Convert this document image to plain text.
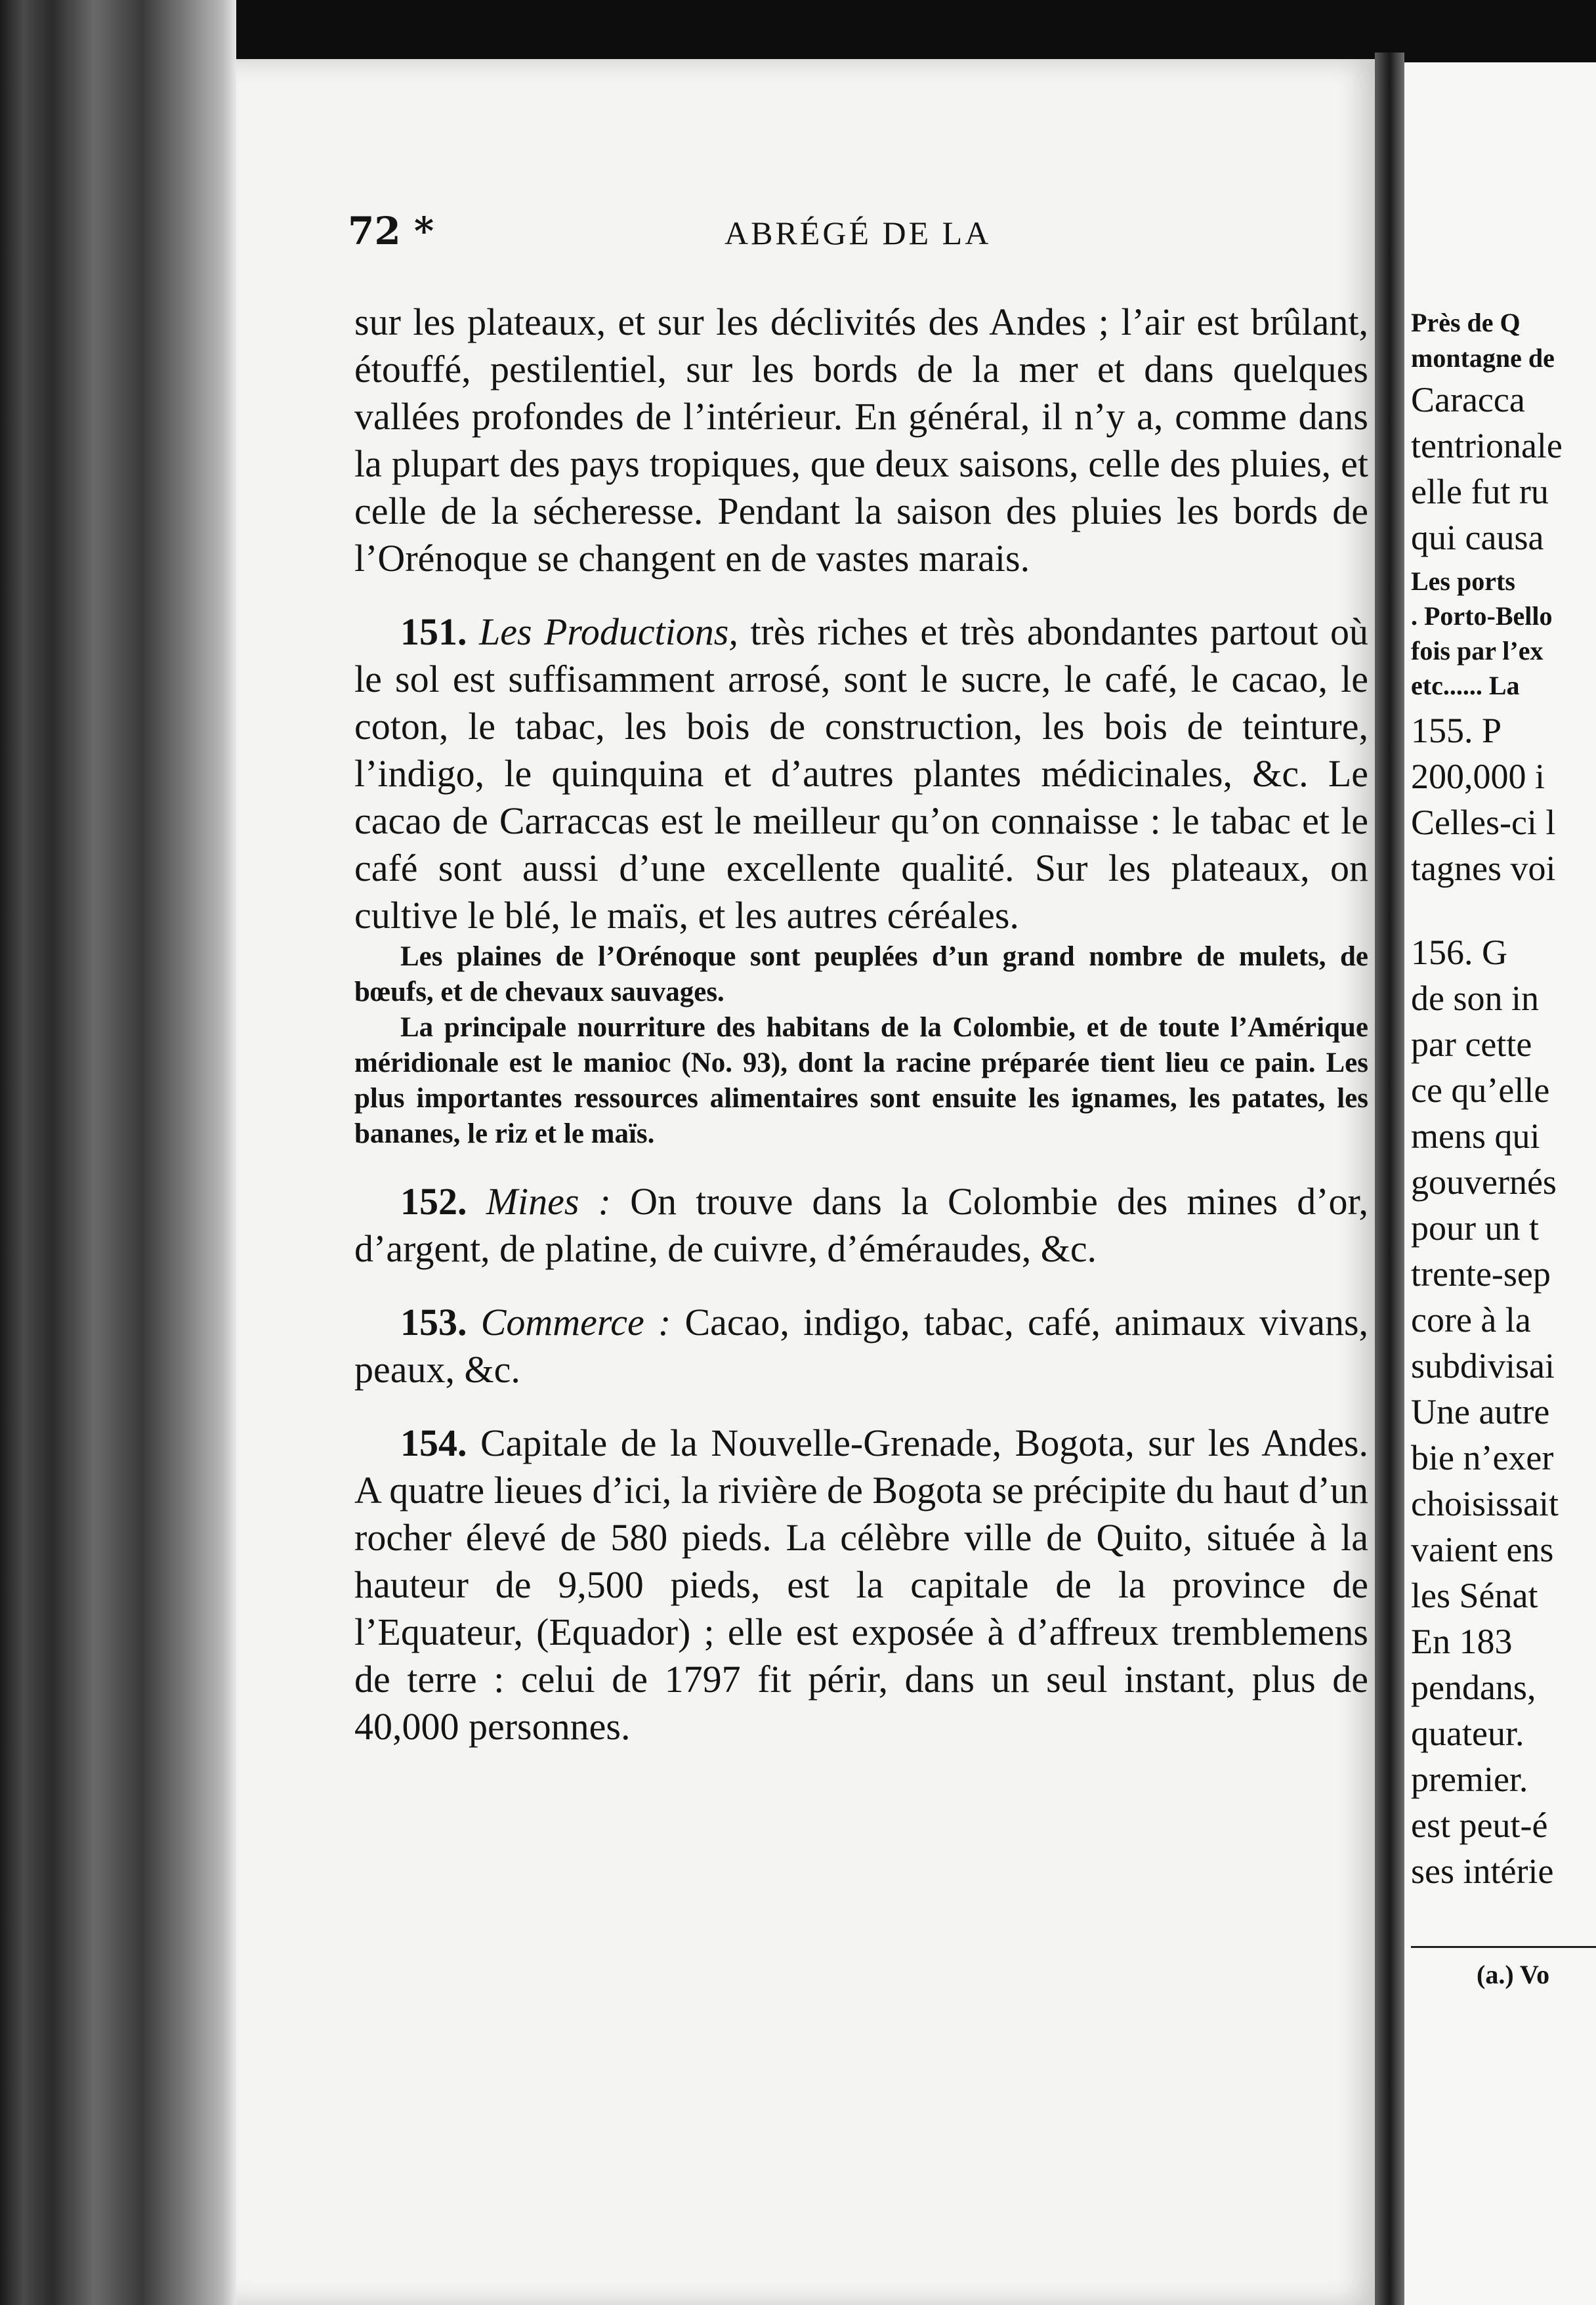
72 *	ABRÉGÉ DE LA

sur les plateaux, et sur les déclivités des Andes ; l’air est brûlant, étouffé, pestilentiel, sur les bords de la mer et dans quelques vallées profondes de l’intérieur. En général, il n’y a, comme dans la plupart des pays tropiques, que deux saisons, celle des pluies, et celle de la sécheresse. Pendant la saison des pluies les bords de l’Orénoque se changent en de vastes marais.

151. Les Productions, très riches et très abondantes partout où le sol est suffisamment arrosé, sont le sucre, le café, le cacao, le coton, le tabac, les bois de construction, les bois de teinture, l’indigo, le quinquina et d’autres plantes médicinales, &c. Le cacao de Carraccas est le meilleur qu’on connaisse : le tabac et le café sont aussi d’une excellente qualité. Sur les plateaux, on cultive le blé, le maïs, et les autres céréales.

Les plaines de l’Orénoque sont peuplées d’un grand nombre de mulets, de bœufs, et de chevaux sauvages.

La principale nourriture des habitans de la Colombie, et de toute l’Amérique méridionale est le manioc (No. 93), dont la racine préparée tient lieu ce pain. Les plus importantes ressources alimentaires sont ensuite les ignames, les patates, les bananes, le riz et le maïs.

152. Mines : On trouve dans la Colombie des mines d’or, d’argent, de platine, de cuivre, d’éméraudes, &c.

153. Commerce : Cacao, indigo, tabac, café, animaux vivans, peaux, &c.

154. Capitale de la Nouvelle-Grenade, Bogota, sur les Andes. A quatre lieues d’ici, la rivière de Bogota se précipite du haut d’un rocher élevé de 580 pieds. La célèbre ville de Quito, située à la hauteur de 9,500 pieds, est la capitale de la province de l’Equateur, (Equador) ; elle est exposée à d’affreux tremblemens de terre : celui de 1797 fit périr, dans un seul instant, plus de 40,000 personnes.

Près de Q
montagne de
Caracca
tentrionale
elle fut ru
qui causa
Les ports
. Porto-Bello
fois par l’ex
etc...... La
155. P
200,000 i
Celles-ci l
tagnes voi
156. G
de son in
par cette
ce qu’elle
mens qui
gouvernés
pour un t
trente-sep
core à la
subdivisai
Une autre
bie n’exer
choisissait
vaient ens
les Sénat
En 183
pendans,
quateur.
premier.
est peut-é
ses intérie
(a.) Vo
